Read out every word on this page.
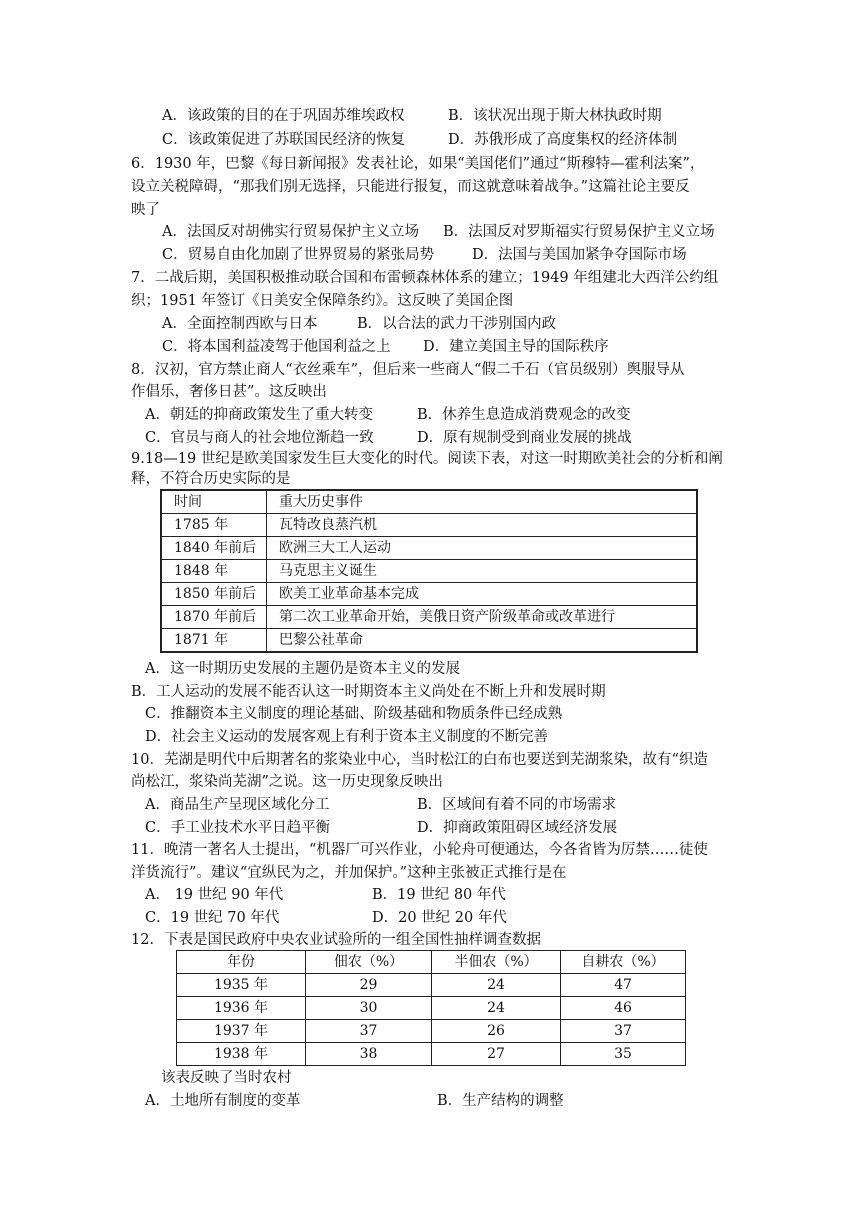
A．该政策的目的在于巩固苏维埃政权	B．该状况出现于斯大林执政时期
C．该政策促进了苏联国民经济的恢复	D．苏俄形成了高度集权的经济体制
6．1930 年，巴黎《每日新闻报》发表社论，如果“美国佬们”通过“斯穆特—霍利法案”，
设立关税障碍，“那我们别无选择，只能进行报复，而这就意味着战争。”这篇社论主要反
映了
A．法国反对胡佛实行贸易保护主义立场 B．法国反对罗斯福实行贸易保护主义立场
C．贸易自由化加剧了世界贸易的紧张局势	D．法国与美国加紧争夺国际市场
7．二战后期，美国积极推动联合国和布雷顿森林体系的建立；1949 年组建北大西洋公约组
织；1951 年签订《日美安全保障条约》。这反映了美国企图
A．全面控制西欧与日本	B．以合法的武力干涉别国内政
C．将本国利益凌驾于他国利益之上 D．建立美国主导的国际秩序
8．汉初，官方禁止商人“衣丝乘车”，但后来一些商人“假二千石（官员级别）舆服导从
作倡乐，奢侈日甚”。这反映出
A．朝廷的抑商政策发生了重大转变	B．休养生息造成消费观念的改变
C．官员与商人的社会地位渐趋一致	D．原有规制受到商业发展的挑战
9.18—19 世纪是欧美国家发生巨大变化的时代。阅读下表，对这一时期欧美社会的分析和阐
释，不符合历史实际的是
时间	重大历史事件
1785 年	瓦特改良蒸汽机
1840 年前后	欧洲三大工人运动
1848 年	马克思主义诞生
1850 年前后	欧美工业革命基本完成
1870 年前后	第二次工业革命开始，美俄日资产阶级革命或改革进行
1871 年	巴黎公社革命
A．这一时期历史发展的主题仍是资本主义的发展
B．工人运动的发展不能否认这一时期资本主义尚处在不断上升和发展时期
C．推翻资本主义制度的理论基础、阶级基础和物质条件已经成熟
D．社会主义运动的发展客观上有利于资本主义制度的不断完善
10．芜湖是明代中后期著名的浆染业中心，当时松江的白布也要送到芜湖浆染，故有“织造
尚松江，浆染尚芜湖”之说。这一历史现象反映出
A．商品生产呈现区域化分工	B．区域间有着不同的市场需求
C．手工业技术水平日趋平衡	D．抑商政策阻碍区域经济发展
11．晚清一著名人士提出，“机器厂可兴作业，小轮舟可便通达，今各省皆为厉禁……徒使
洋货流行”。建议“宜纵民为之，并加保护。”这种主张被正式推行是在
A． 19 世纪 90 年代	B．19 世纪 80 年代
C．19 世纪 70 年代	D．20 世纪 20 年代
12．下表是国民政府中央农业试验所的一组全国性抽样调查数据
年份	佃农（%）	半佃农（%）	自耕农（%）
1935 年	29	24	47
1936 年	30	24	46
1937 年	37	26	37
1938 年	38	27	35
该表反映了当时农村
A．土地所有制度的变革	B．生产结构的调整
